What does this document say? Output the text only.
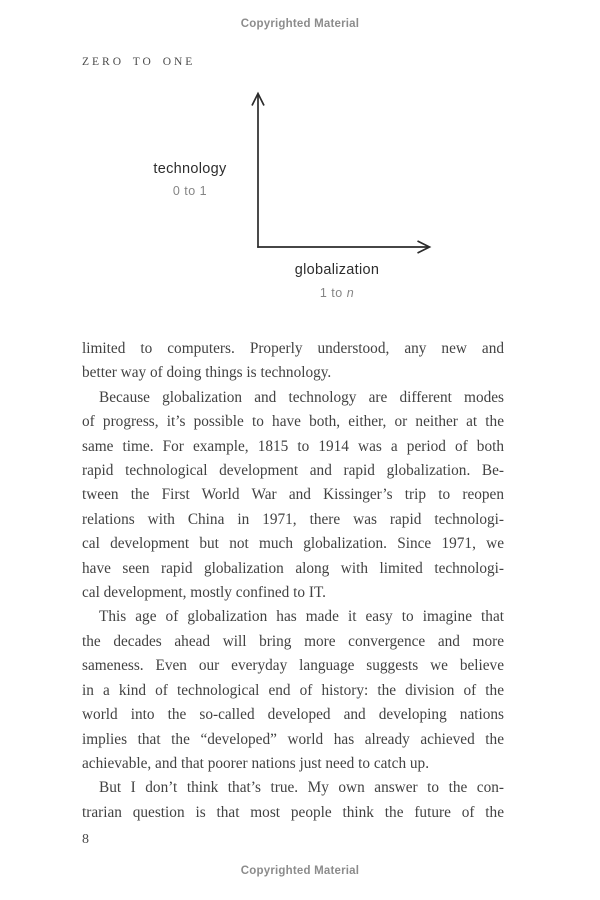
Copyrighted Material
ZERO TO ONE
technology
0 to 1
globalization
1 to n
limited to computers. Properly understood, any new and
better way of doing things is technology.
Because globalization and technology are different modes
of progress, it’s possible to have both, either, or neither at the
same time. For example, 1815 to 1914 was a period of both
rapid technological development and rapid globalization. Be-
tween the First World War and Kissinger’s trip to reopen
relations with China in 1971, there was rapid technologi-
cal development but not much globalization. Since 1971, we
have seen rapid globalization along with limited technologi-
cal development, mostly confined to IT.
This age of globalization has made it easy to imagine that
the decades ahead will bring more convergence and more
sameness. Even our everyday language suggests we believe
in a kind of technological end of history: the division of the
world into the so-called developed and developing nations
implies that the “developed” world has already achieved the
achievable, and that poorer nations just need to catch up.
But I don’t think that’s true. My own answer to the con-
trarian question is that most people think the future of the
8
Copyrighted Material
